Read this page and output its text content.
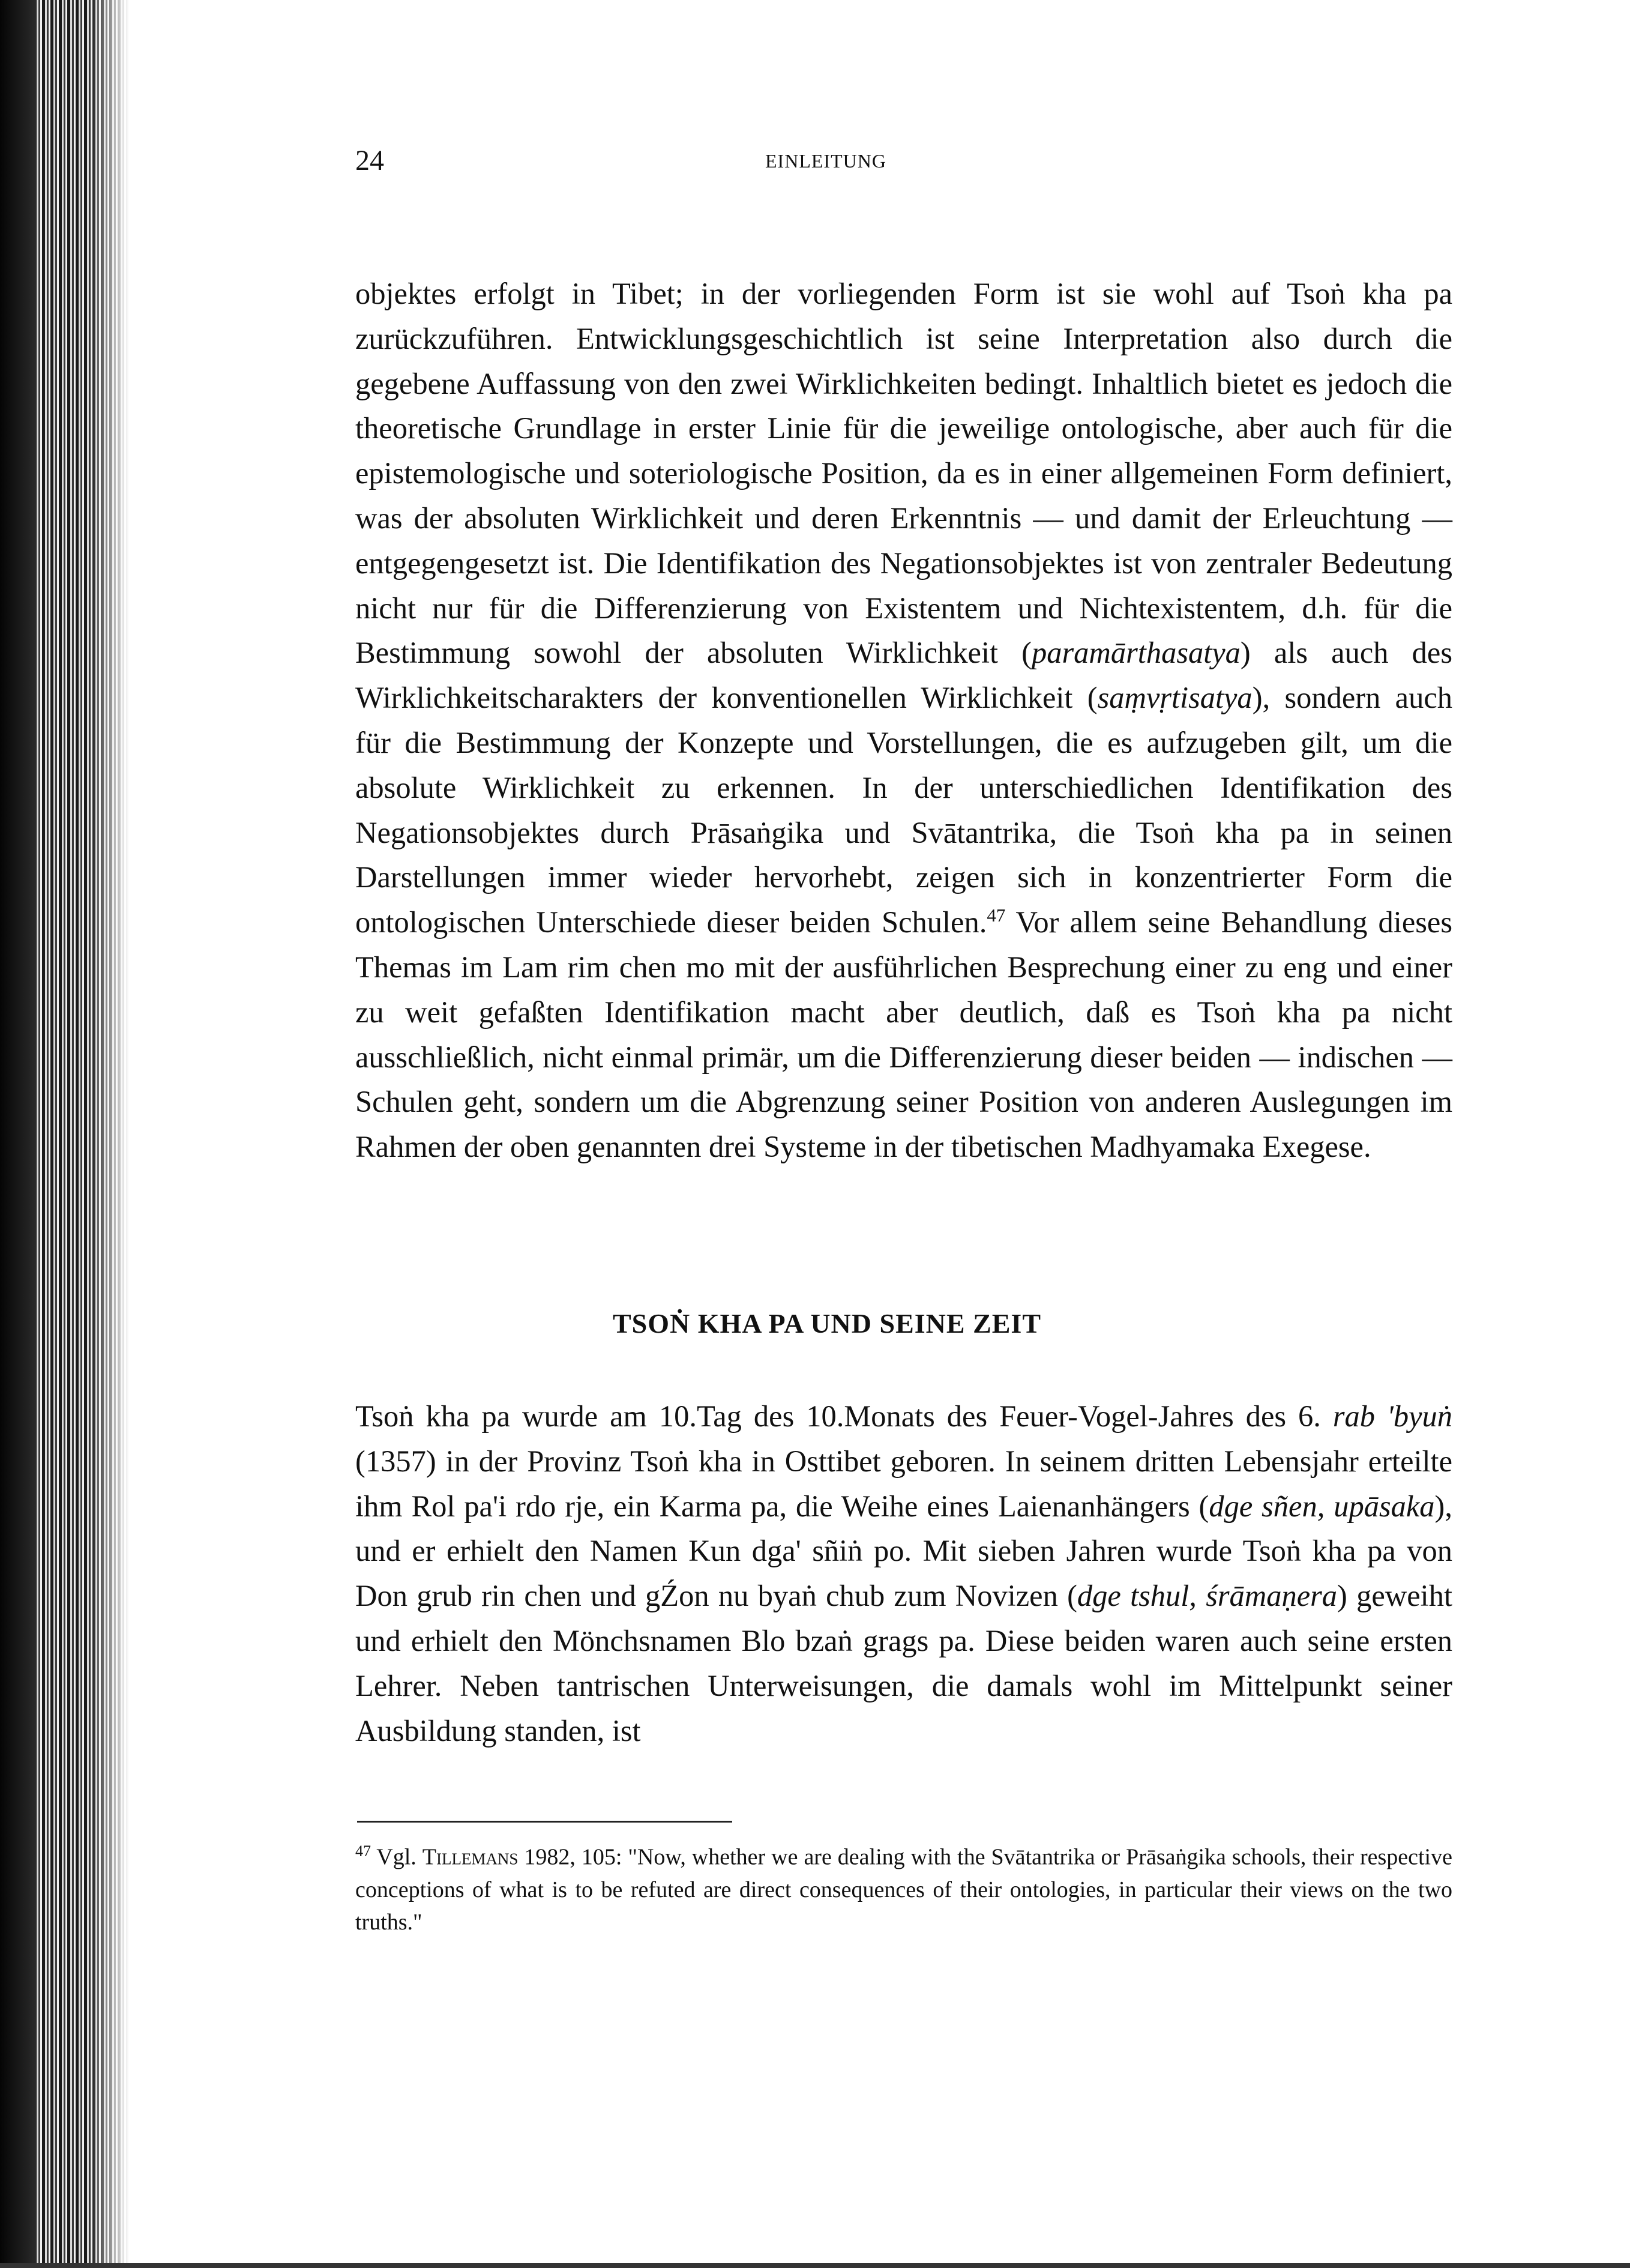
24	EINLEITUNG

objektes erfolgt in Tibet; in der vorliegenden Form ist sie wohl auf Tsoṅ kha pa zurückzuführen. Entwicklungsgeschichtlich ist seine Interpretation also durch die gegebene Auffassung von den zwei Wirklichkeiten bedingt. Inhaltlich bietet es jedoch die theoretische Grundlage in erster Linie für die jeweilige ontologische, aber auch für die epistemologische und soteriologische Position, da es in einer allgemeinen Form definiert, was der absoluten Wirklichkeit und deren Erkenntnis — und damit der Erleuchtung — entgegengesetzt ist. Die Identifikation des Negationsobjektes ist von zentraler Bedeutung nicht nur für die Differenzierung von Existentem und Nichtexistentem, d.h. für die Bestimmung sowohl der absoluten Wirklichkeit (paramārthasatya) als auch des Wirklichkeitscharakters der konventionellen Wirklichkeit (saṃvṛtisatya), sondern auch für die Bestimmung der Konzepte und Vorstellungen, die es aufzugeben gilt, um die absolute Wirklichkeit zu erkennen. In der unterschiedlichen Identifikation des Negationsobjektes durch Prāsaṅgika und Svātantrika, die Tsoṅ kha pa in seinen Darstellungen immer wieder hervorhebt, zeigen sich in konzentrierter Form die ontologischen Unterschiede dieser beiden Schulen.$^{47}$ Vor allem seine Behandlung dieses Themas im Lam rim chen mo mit der ausführlichen Besprechung einer zu eng und einer zu weit gefaßten Identifikation macht aber deutlich, daß es Tsoṅ kha pa nicht ausschließlich, nicht einmal primär, um die Differenzierung dieser beiden — indischen — Schulen geht, sondern um die Abgrenzung seiner Position von anderen Auslegungen im Rahmen der oben genannten drei Systeme in der tibetischen Madhyamaka Exegese.

TSOṄ KHA PA UND SEINE ZEIT

Tsoṅ kha pa wurde am 10.Tag des 10.Monats des Feuer-Vogel-Jahres des 6. rab 'byuṅ (1357) in der Provinz Tsoṅ kha in Osttibet geboren. In seinem dritten Lebensjahr erteilte ihm Rol pa'i rdo rje, ein Karma pa, die Weihe eines Laienanhängers (dge sñen, upāsaka), und er erhielt den Namen Kun dga' sñiṅ po. Mit sieben Jahren wurde Tsoṅ kha pa von Don grub rin chen und gŹon nu byaṅ chub zum Novizen (dge tshul, śrāmaṇera) geweiht und erhielt den Mönchsnamen Blo bzaṅ grags pa. Diese beiden waren auch seine ersten Lehrer. Neben tantrischen Unterweisungen, die damals wohl im Mittelpunkt seiner Ausbildung standen, ist

$^{47}$ Vgl. Tillemans 1982, 105: "Now, whether we are dealing with the Svātantrika or Prāsaṅgika schools, their respective conceptions of what is to be refuted are direct consequences of their ontologies, in particular their views on the two truths."
